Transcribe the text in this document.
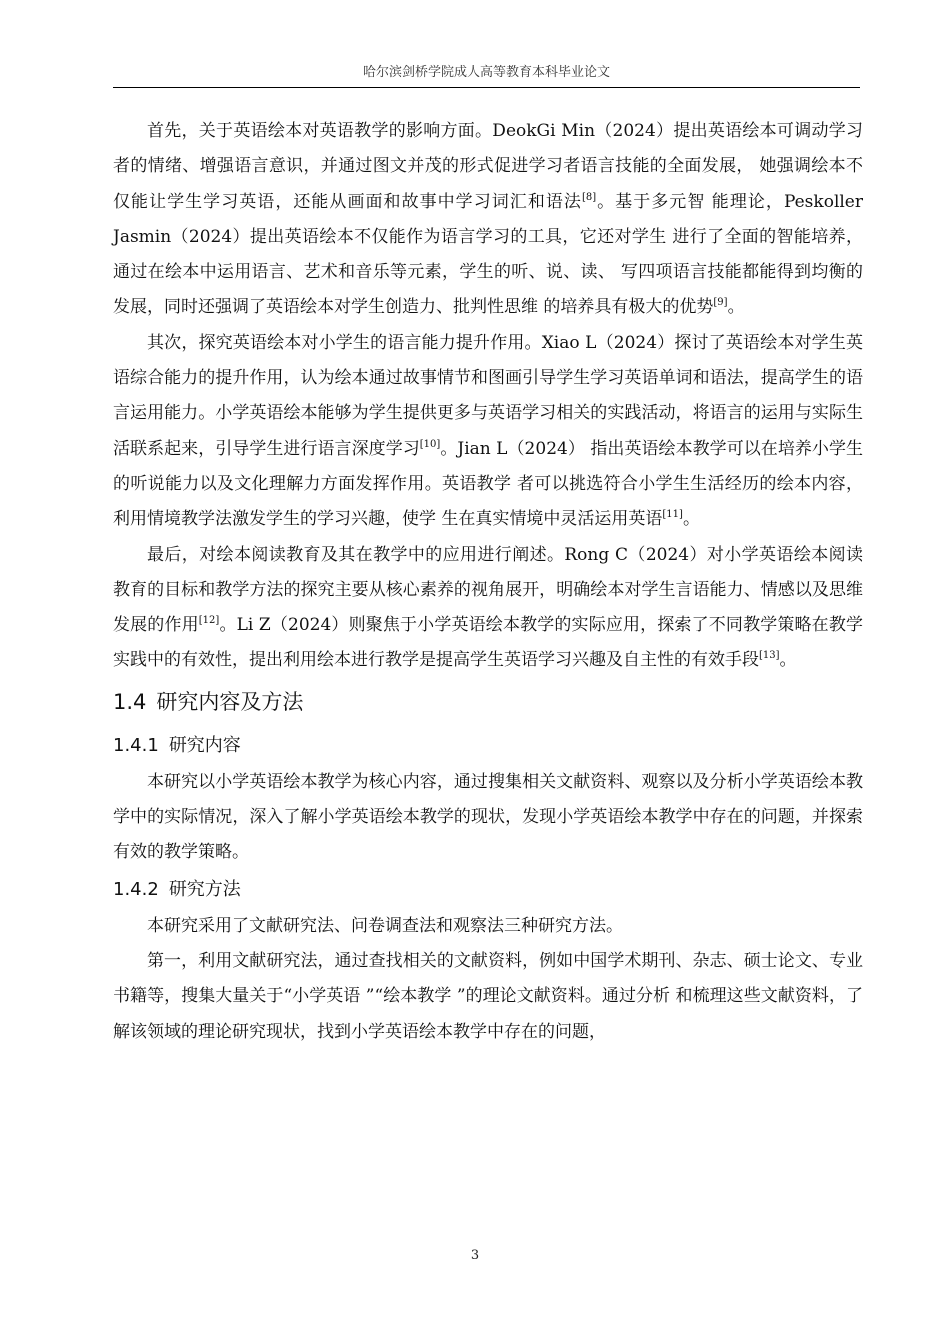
哈尔滨剑桥学院成人高等教育本科毕业论文

首先，关于英语绘本对英语教学的影响方面。DeokGi Min（2024）提出英语绘本可调动学习者的情绪、增强语言意识，并通过图文并茂的形式促进学习者语言技能的全面发展， 她强调绘本不仅能让学生学习英语，还能从画面和故事中学习词汇和语法[8]。基于多元智 能理论，Peskoller Jasmin（2024）提出英语绘本不仅能作为语言学习的工具，它还对学生 进行了全面的智能培养，通过在绘本中运用语言、艺术和音乐等元素，学生的听、说、读、 写四项语言技能都能得到均衡的发展，同时还强调了英语绘本对学生创造力、批判性思维 的培养具有极大的优势[9]。

其次，探究英语绘本对小学生的语言能力提升作用。Xiao L（2024）探讨了英语绘本对学生英语综合能力的提升作用，认为绘本通过故事情节和图画引导学生学习英语单词和语法，提高学生的语言运用能力。小学英语绘本能够为学生提供更多与英语学习相关的实践活动，将语言的运用与实际生活联系起来，引导学生进行语言深度学习[10]。Jian L（2024） 指出英语绘本教学可以在培养小学生的听说能力以及文化理解力方面发挥作用。英语教学 者可以挑选符合小学生生活经历的绘本内容，利用情境教学法激发学生的学习兴趣，使学 生在真实情境中灵活运用英语[11]。

最后，对绘本阅读教育及其在教学中的应用进行阐述。Rong C（2024）对小学英语绘本阅读教育的目标和教学方法的探究主要从核心素养的视角展开，明确绘本对学生言语能力、情感以及思维发展的作用[12]。Li Z（2024）则聚焦于小学英语绘本教学的实际应用，探索了不同教学策略在教学实践中的有效性，提出利用绘本进行教学是提高学生英语学习兴趣及自主性的有效手段[13]。

1.4 研究内容及方法
1.4.1 研究内容

本研究以小学英语绘本教学为核心内容，通过搜集相关文献资料、观察以及分析小学英语绘本教学中的实际情况，深入了解小学英语绘本教学的现状，发现小学英语绘本教学中存在的问题，并探索有效的教学策略。

1.4.2 研究方法

本研究采用了文献研究法、问卷调查法和观察法三种研究方法。

第一，利用文献研究法，通过查找相关的文献资料，例如中国学术期刊、杂志、硕士论文、专业书籍等，搜集大量关于“小学英语 ”“绘本教学 ”的理论文献资料。通过分析 和梳理这些文献资料，了解该领域的理论研究现状，找到小学英语绘本教学中存在的问题，

3
